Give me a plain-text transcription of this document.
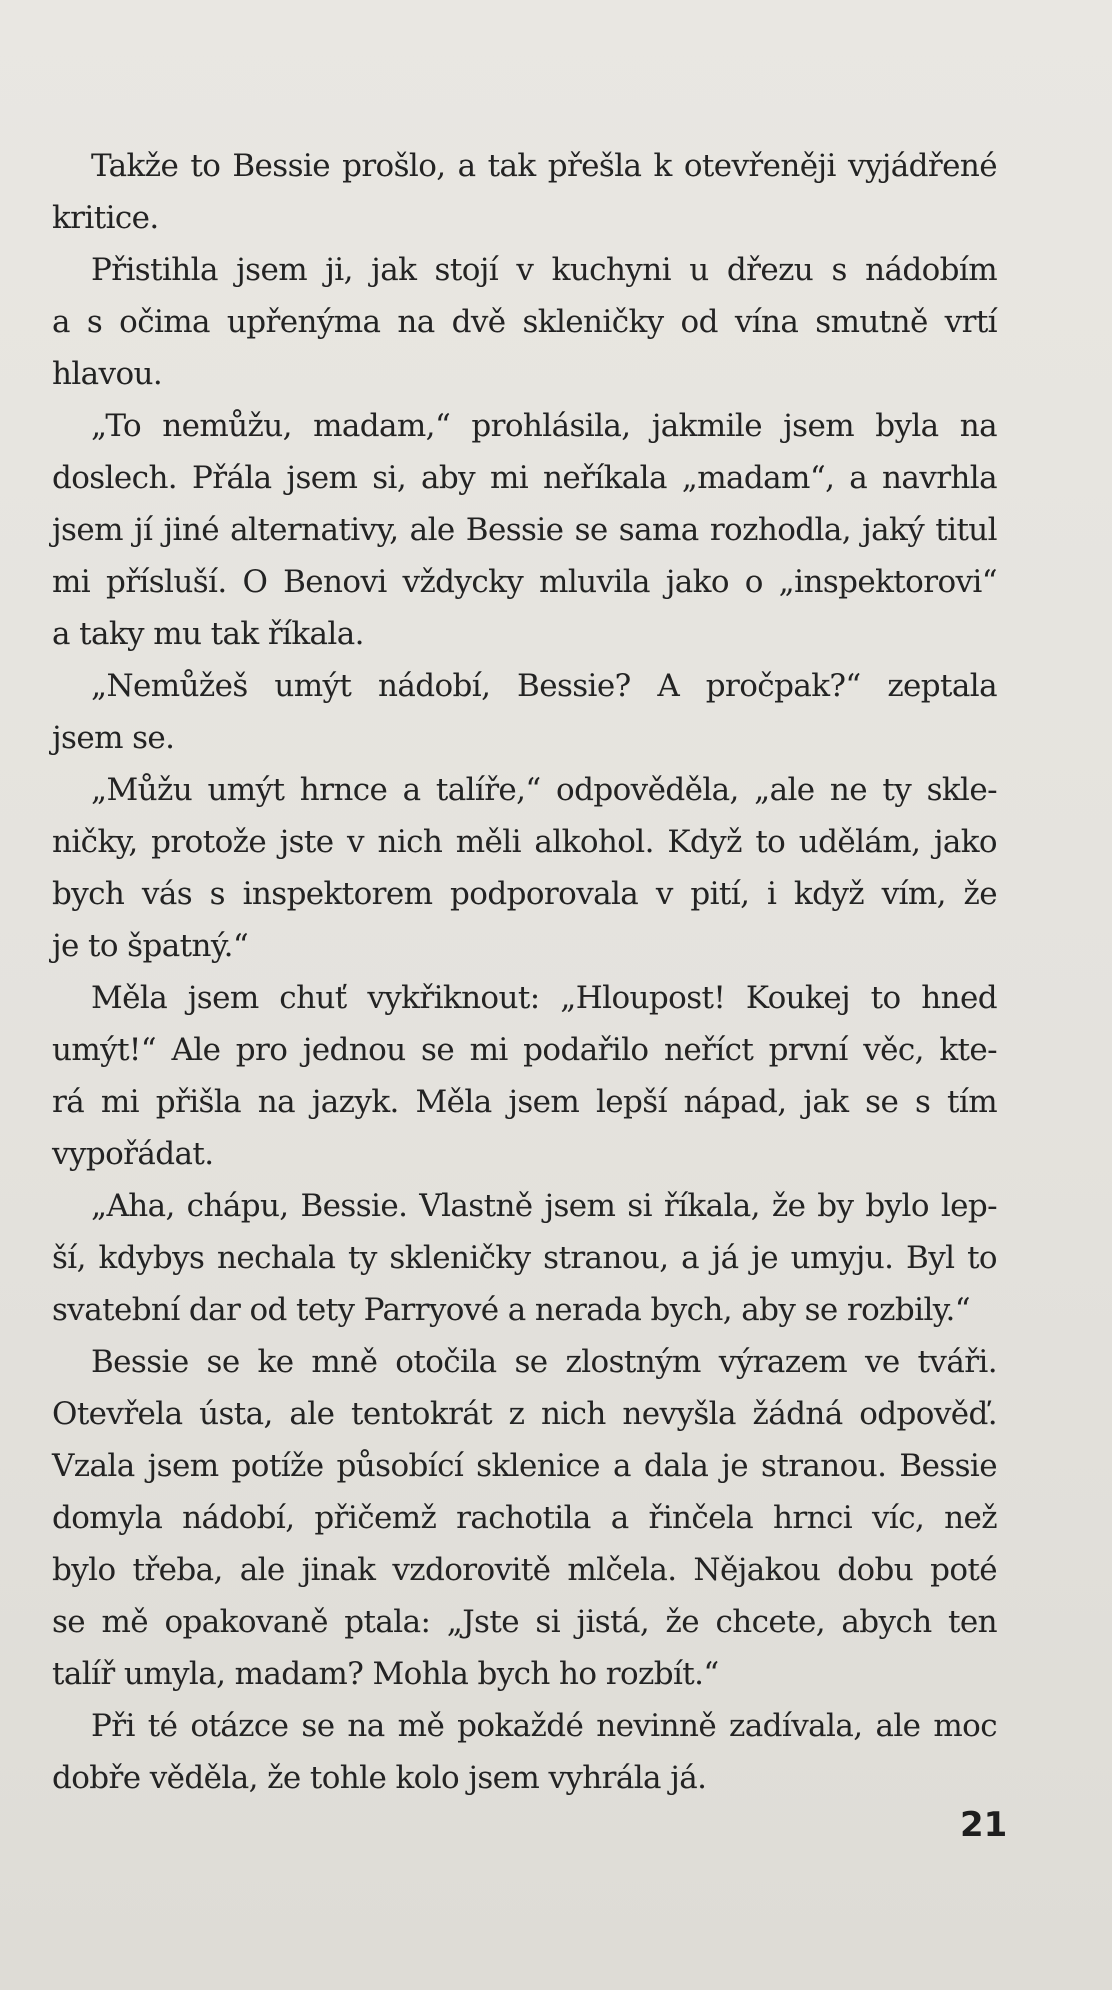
Takže to Bessie prošlo, a tak přešla k otevřeněji vyjádřené
kritice.
Přistihla jsem ji, jak stojí v kuchyni u dřezu s nádobím
a s očima upřenýma na dvě skleničky od vína smutně vrtí
hlavou.
„To nemůžu, madam,“ prohlásila, jakmile jsem byla na
doslech. Přála jsem si, aby mi neříkala „madam“, a navrhla
jsem jí jiné alternativy, ale Bessie se sama rozhodla, jaký titul
mi přísluší. O Benovi vždycky mluvila jako o „inspektorovi“
a taky mu tak říkala.
„Nemůžeš umýt nádobí, Bessie? A pročpak?“ zeptala
jsem se.
„Můžu umýt hrnce a talíře,“ odpověděla, „ale ne ty skle-
ničky, protože jste v nich měli alkohol. Když to udělám, jako
bych vás s inspektorem podporovala v pití, i když vím, že
je to špatný.“
Měla jsem chuť vykřiknout: „Hloupost! Koukej to hned
umýt!“ Ale pro jednou se mi podařilo neříct první věc, kte-
rá mi přišla na jazyk. Měla jsem lepší nápad, jak se s tím
vypořádat.
„Aha, chápu, Bessie. Vlastně jsem si říkala, že by bylo lep-
ší, kdybys nechala ty skleničky stranou, a já je umyju. Byl to
svatební dar od tety Parryové a nerada bych, aby se rozbily.“
Bessie se ke mně otočila se zlostným výrazem ve tváři.
Otevřela ústa, ale tentokrát z nich nevyšla žádná odpověď.
Vzala jsem potíže působící sklenice a dala je stranou. Bessie
domyla nádobí, přičemž rachotila a řinčela hrnci víc, než
bylo třeba, ale jinak vzdorovitě mlčela. Nějakou dobu poté
se mě opakovaně ptala: „Jste si jistá, že chcete, abych ten
talíř umyla, madam? Mohla bych ho rozbít.“
Při té otázce se na mě pokaždé nevinně zadívala, ale moc
dobře věděla, že tohle kolo jsem vyhrála já.
21
